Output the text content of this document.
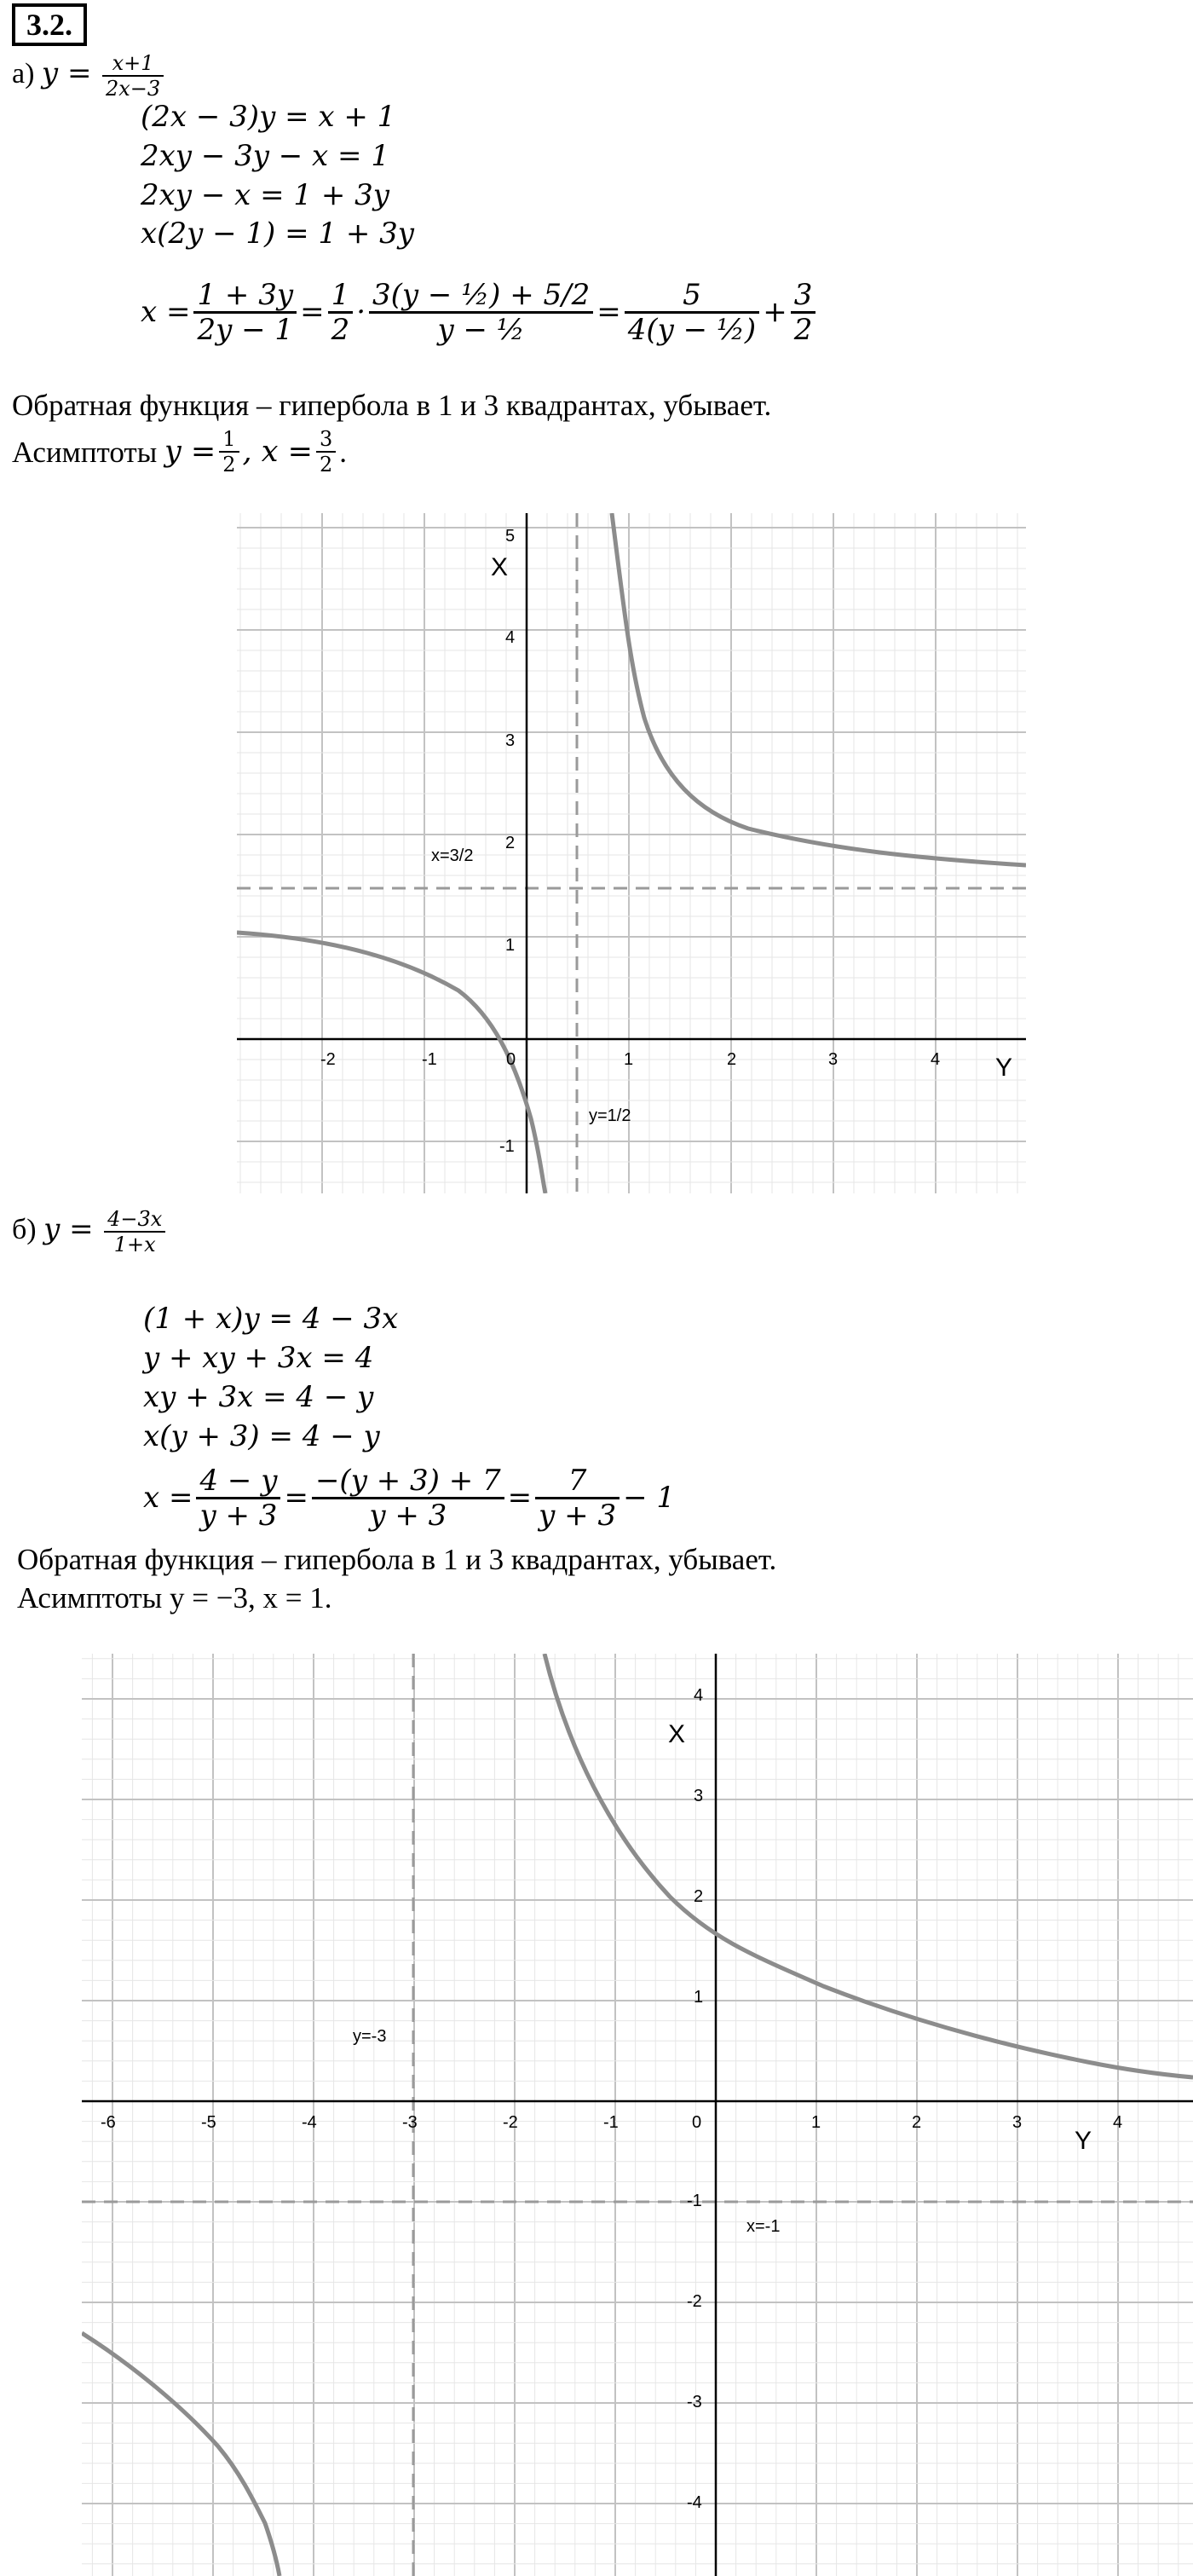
3.2.
а) $y = \frac{x+1}{2x-3}$
(2x − 3)y = x + 1
2xy − 3y − x = 1
2xy − x = 1 + 3y
x(2y − 1) = 1 + 3y
$x = \frac{1 + 3y}{2y - 1} = \frac{1}{2} \cdot \frac{\text{3(y − ½) + 5/2}}{\text{y − ½}} = \frac{5}{\text{4(y − ½)}} + \frac{3}{2}$
Обратная функция – гипербола в 1 и 3 квадрантах, убывает.
Асимптоты
$y = \frac{1}{2}$ , $x = \frac{3}{2}$ .
-2	-1	0	1	2	3	4
5
4
3
2
1
-1
Y
X
x=3/2
y=1/2
б) $y = \frac{4-3x}{1+x}$
(1 + x)y = 4 − 3x
y + xy + 3x = 4
xy + 3x = 4 − y
x(y + 3) = 4 − y
$x = \frac{4 - y}{y + 3} = \frac{-(y + 3) + 7}{y + 3} = \frac{7}{y + 3} - 1$
Обратная функция – гипербола в 1 и 3 квадрантах, убывает.
Асимптоты y = −3, x = 1.
-6	-5	-4	-3	-2	-1	0	1	2	3	4
4
3
2
1
-1
-2
-3
-4
Y
X
y=-3
x=-1
